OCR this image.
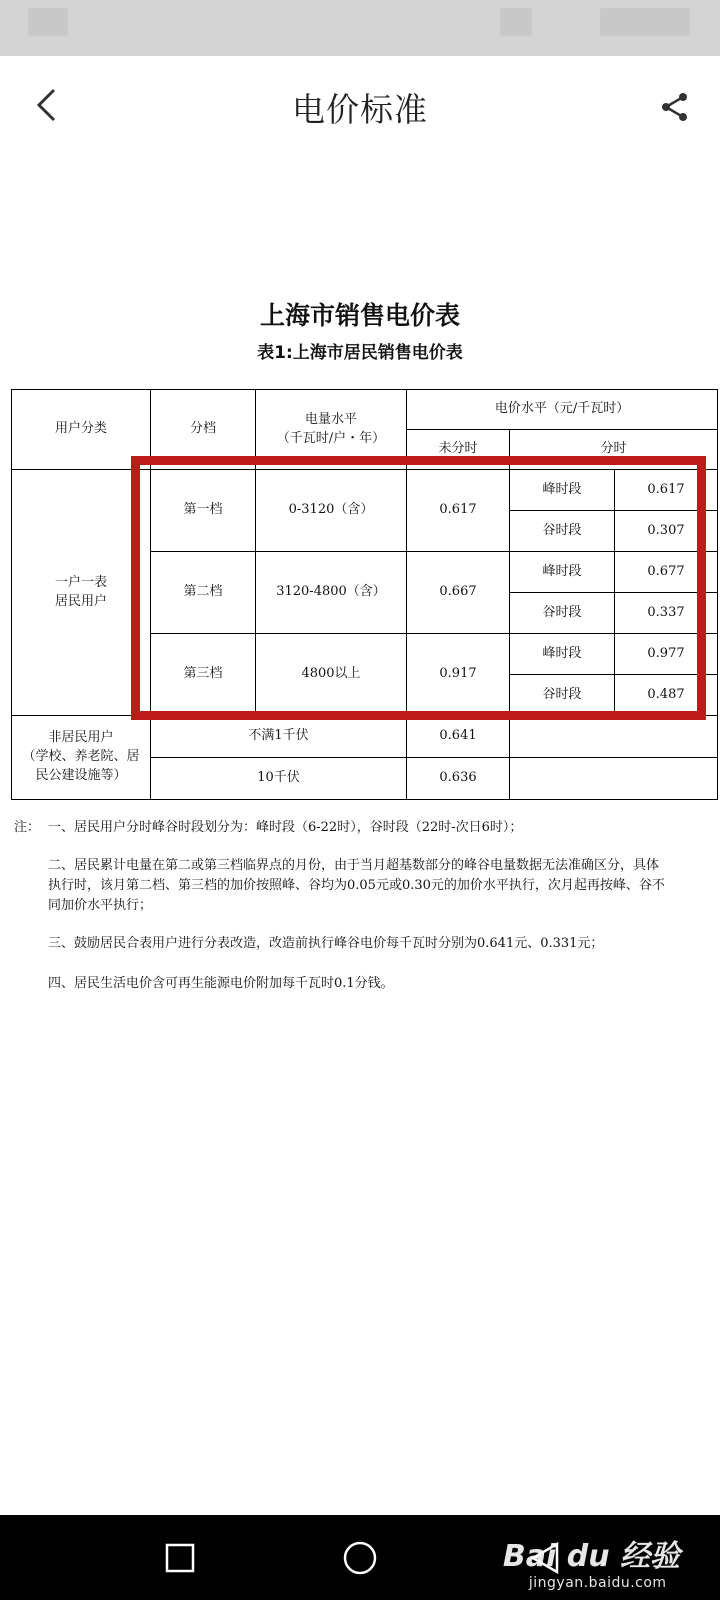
电价标准
上海市销售电价表
表1:上海市居民销售电价表
用户分类	分档	电量水平
（千瓦时/户・年）	电价水平（元/千瓦时）		
			未分时	分时	

一户一表
居民用户	第一档	0-3120（含）	0.617	峰时段	0.617
				谷时段	0.307
	第二档	3120-4800（含）	0.667	峰时段	0.677
				谷时段	0.337
	第三档	4800以上	0.917	峰时段	0.977
				谷时段	0.487

非居民用户
（学校、养老院、居
民公建设施等）	不满1千伏		0.641		
	10千伏		0.636		
注： 一、居民用户分时峰谷时段划分为：峰时段（6-22时），谷时段（22时-次日6时）；
二、居民累计电量在第二或第三档临界点的月份，由于当月超基数部分的峰谷电量数据无法准确区分，具体
执行时，该月第二档、第三档的加价按照峰、谷均为0.05元或0.30元的加价水平执行，次月起再按峰、谷不
同加价水平执行；
三、鼓励居民合表用户进行分表改造，改造前执行峰谷电价每千瓦时分别为0.641元、0.331元；
四、居民生活电价含可再生能源电价附加每千瓦时0.1分钱。
Bai du 经验
jingyan.baidu.com
